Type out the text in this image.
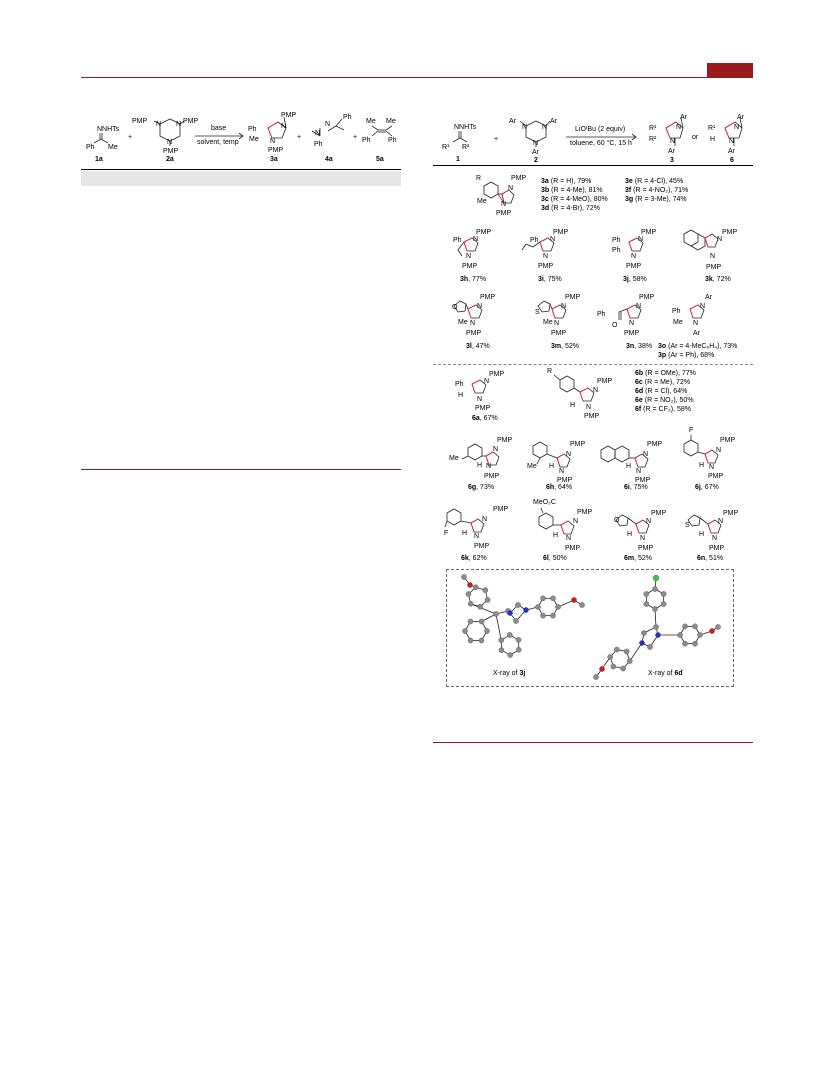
NNHTs
Ph Me
1a
+
PMP	PMP
N N
N
PMP
2a
base
solvent, temp
PMP
Ph
Me
N
N
PMP
3a
+
Ph
N
N
Ph
4a
+
Me Me
Ph Ph
5a
NNHTs
R¹ R²
1
+
Ar	Ar
N N
N
Ar
2
LiOᵗBu (2 equiv)
toluene, 60 °C, 15 h
Ar
R¹
R²
N
N
Ar
3
or
Ar
R¹
H
N
N
Ar
6
R	PMP
N
Me N
PMP
3a (R = H), 79%
3b (R = 4-Me), 81%
3c (R = 4-MeO), 80%
3d (R = 4-Br), 72%
3e (R = 4-Cl), 45%
3f (R = 4-NO₂), 71%
3g (R = 3-Me), 74%
PMP
Ph N
N
PMP
3h, 77%
PMP
Ph N
N
PMP
3i, 75%
PMP
Ph
Ph
N
N
PMP
3j, 58%
PMP
N
N
PMP
3k, 72%
PMP
O
Me
N
N
PMP
3l, 47%
PMP
S
Me
N
N
PMP
3m, 52%
PMP
Ph
O
N
N
PMP
3n, 38%
Ar
Ph
Me
N
N
Ar
3o (Ar = 4-MeC₆H₄), 73%
3p (Ar = Ph), 68%
PMP
Ph
H
N
N
PMP
6a, 67%
R
PMP
H
N
N
PMP
6b (R = OMe), 77%
6c (R = Me), 72%
6d (R = Cl), 64%
6e (R = NO₂), 50%
6f (R = CF₃), 58%
PMP
Me
H
N
N
PMP
6g, 73%
PMP
Me H
N
N
PMP
6h, 64%
PMP
H
N
N
PMP
6i, 75%
F
PMP
H
N
N
PMP
6j, 67%
PMP
F H
N
N
PMP
6k, 62%
MeO₂C
PMP
H
N
N
PMP
6l, 50%
PMP
O
H
N
N
PMP
6m, 52%
PMP
S
H
N
N
PMP
6n, 51%
X-ray of 3j	X-ray of 6d
